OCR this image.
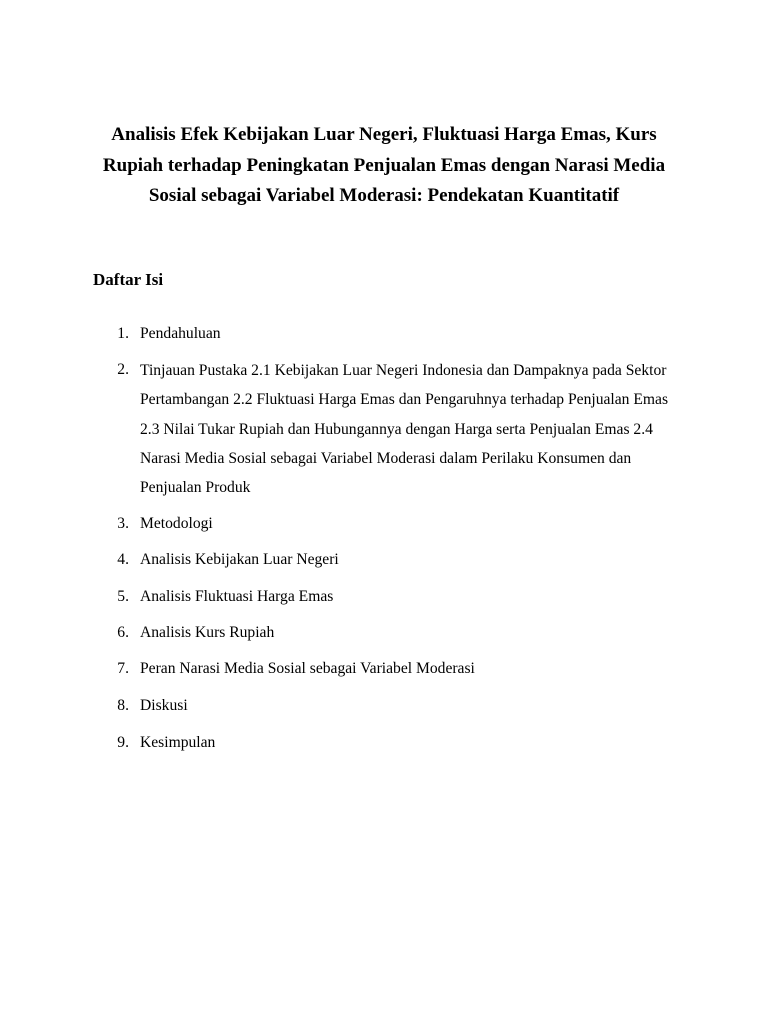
Analisis Efek Kebijakan Luar Negeri, Fluktuasi Harga Emas, Kurs Rupiah terhadap Peningkatan Penjualan Emas dengan Narasi Media Sosial sebagai Variabel Moderasi: Pendekatan Kuantitatif
Daftar Isi
1. Pendahuluan
2. Tinjauan Pustaka 2.1 Kebijakan Luar Negeri Indonesia dan Dampaknya pada Sektor Pertambangan 2.2 Fluktuasi Harga Emas dan Pengaruhnya terhadap Penjualan Emas 2.3 Nilai Tukar Rupiah dan Hubungannya dengan Harga serta Penjualan Emas 2.4 Narasi Media Sosial sebagai Variabel Moderasi dalam Perilaku Konsumen dan Penjualan Produk
3. Metodologi
4. Analisis Kebijakan Luar Negeri
5. Analisis Fluktuasi Harga Emas
6. Analisis Kurs Rupiah
7. Peran Narasi Media Sosial sebagai Variabel Moderasi
8. Diskusi
9. Kesimpulan
